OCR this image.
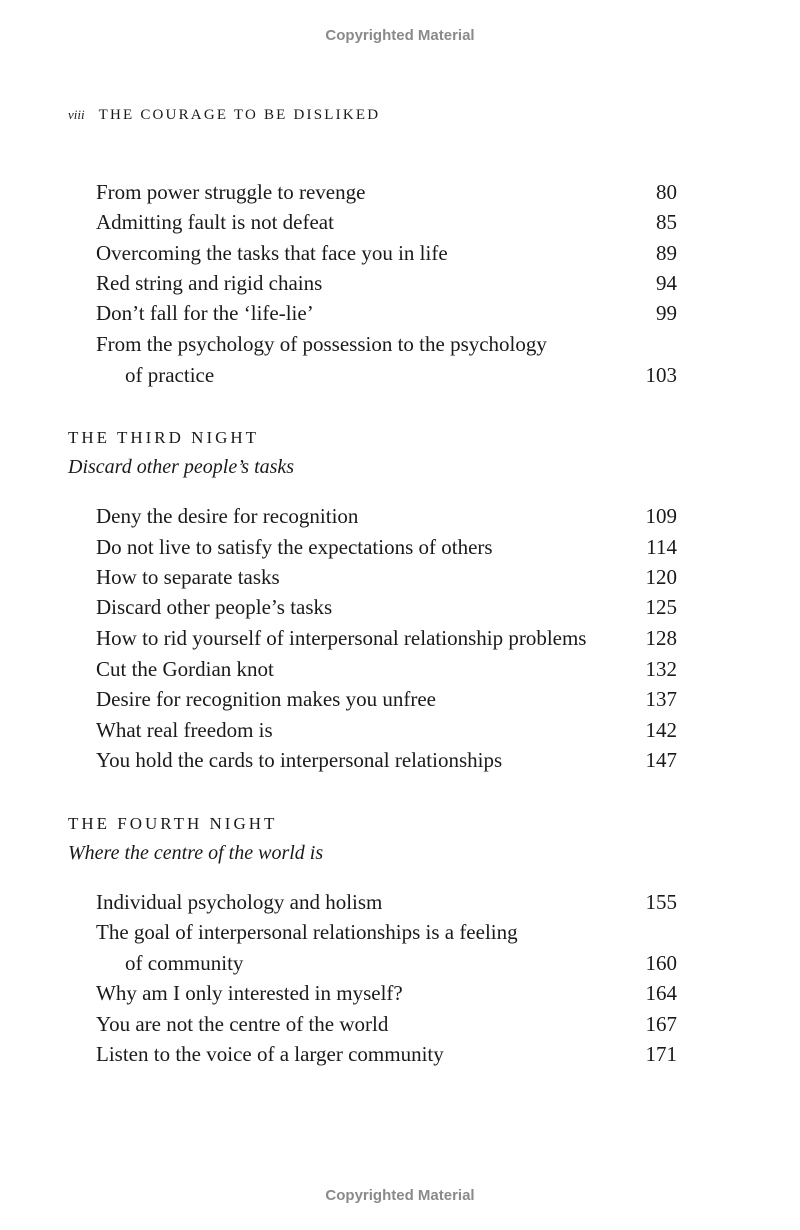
Copyrighted Material
viii THE COURAGE TO BE DISLIKED
From power struggle to revenge	80
Admitting fault is not defeat	85
Overcoming the tasks that face you in life	89
Red string and rigid chains	94
Don’t fall for the ‘life-lie’	99
From the psychology of possession to the psychology
of practice	103
THE THIRD NIGHT
Discard other people’s tasks
Deny the desire for recognition	109
Do not live to satisfy the expectations of others	114
How to separate tasks	120
Discard other people’s tasks	125
How to rid yourself of interpersonal relationship problems	128
Cut the Gordian knot	132
Desire for recognition makes you unfree	137
What real freedom is	142
You hold the cards to interpersonal relationships	147
THE FOURTH NIGHT
Where the centre of the world is
Individual psychology and holism	155
The goal of interpersonal relationships is a feeling
of community	160
Why am I only interested in myself?	164
You are not the centre of the world	167
Listen to the voice of a larger community	171
Copyrighted Material
